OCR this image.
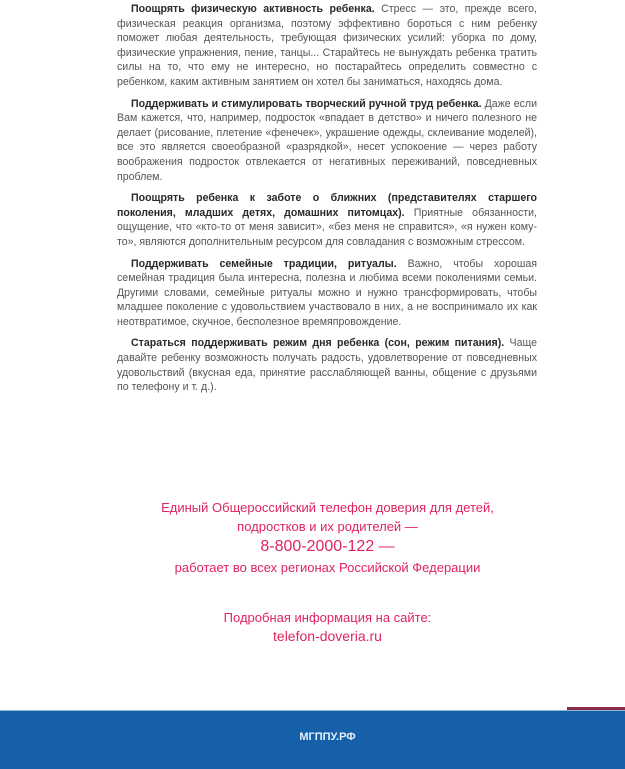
Поощрять физическую активность ребенка. Стресс — это, прежде всего, физическая реакция организма, поэтому эффективно бороться с ним ребенку поможет любая деятельность, требующая физических усилий: уборка по дому, физические упражнения, пение, танцы... Старайтесь не вынуждать ребенка тратить силы на то, что ему не интересно, но постарайтесь определить совместно с ребенком, каким активным занятием он хотел бы заниматься, находясь дома.

Поддерживать и стимулировать творческий ручной труд ребенка. Даже если Вам кажется, что, например, подросток «впадает в детство» и ничего полезного не делает (рисование, плетение «фенечек», украшение одежды, склеивание моделей), все это является своеобразной «разрядкой», несет успокоение — через работу воображения подросток отвлекается от негативных переживаний, повседневных проблем.

Поощрять ребенка к заботе о ближних (представителях старшего поколения, младших детях, домашних питомцах). Приятные обязанности, ощущение, что «кто-то от меня зависит», «без меня не справится», «я нужен кому-то», являются дополнительным ресурсом для совладания с возможным стрессом.

Поддерживать семейные традиции, ритуалы. Важно, чтобы хорошая семейная традиция была интересна, полезна и любима всеми поколениями семьи. Другими словами, семейные ритуалы можно и нужно трансформировать, чтобы младшее поколение с удовольствием участвовало в них, а не воспринимало их как неотвратимое, скучное, бесполезное времяпровождение.

Стараться поддерживать режим дня ребенка (сон, режим питания). Чаще давайте ребенку возможность получать радость, удовлетворение от повседневных удовольствий (вкусная еда, принятие расслабляющей ванны, общение с друзьями по телефону и т. д.).

Единый Общероссийский телефон доверия для детей,
подростков и их родителей —
8-800-2000-122 —
работает во всех регионах Российской Федерации
Подробная информация на сайте:
telefon-doveria.ru
МГППУ.РФ
